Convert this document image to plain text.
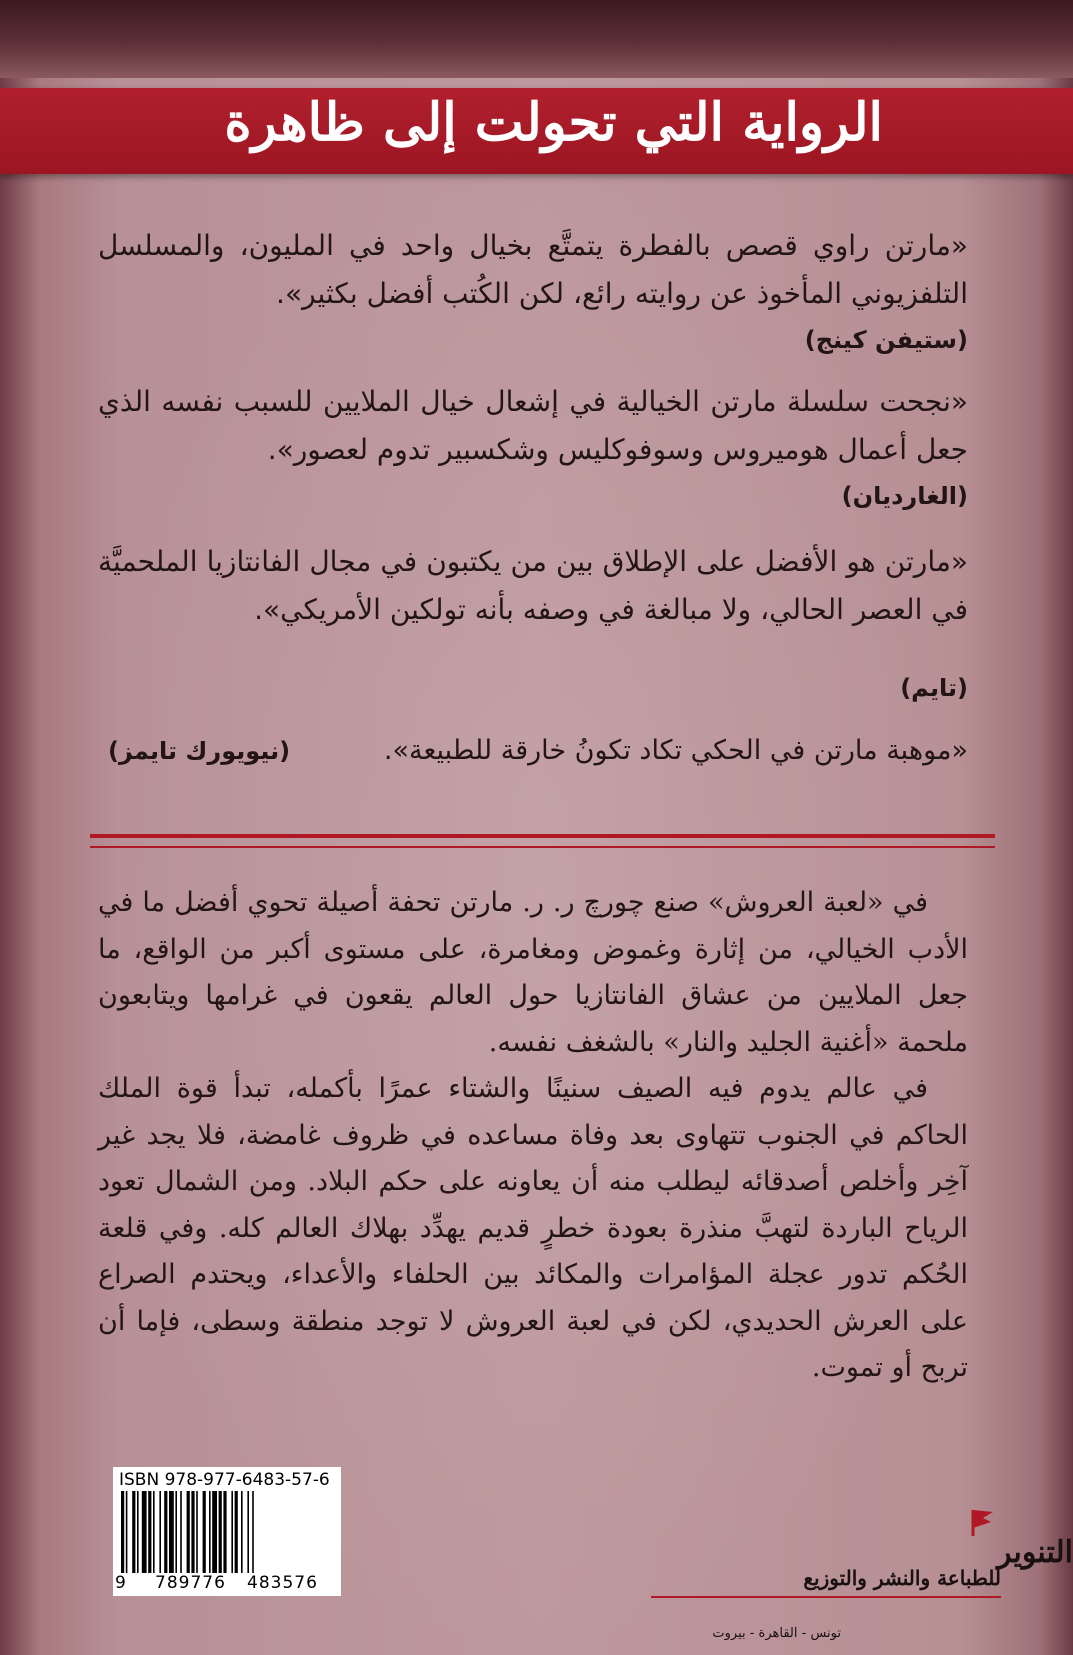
الرواية التي تحولت إلى ظاهرة
«مارتن راوي قصص بالفطرة يتمتَّع بخيال واحد في المليون، والمسلسل التلفزيوني المأخوذ عن روايته رائع، لكن الكُتب أفضل بكثير».
(ستيفن كينج)
«نجحت سلسلة مارتن الخيالية في إشعال خيال الملايين للسبب نفسه الذي جعل أعمال هوميروس وسوفوكليس وشكسبير تدوم لعصور».
(الغارديان)
«مارتن هو الأفضل على الإطلاق بين من يكتبون في مجال الفانتازيا الملحميَّة في العصر الحالي، ولا مبالغة في وصفه بأنه تولكين الأمريكي».
(تايم)
«موهبة مارتن في الحكي تكاد تكونُ خارقة للطبيعة».
(نيويورك تايمز)

في «لعبة العروش» صنع چورچ ر. ر. مارتن تحفة أصيلة تحوي أفضل ما في الأدب الخيالي، من إثارة وغموض ومغامرة، على مستوى أكبر من الواقع، ما جعل الملايين من عشاق الفانتازيا حول العالم يقعون في غرامها ويتابعون ملحمة «أغنية الجليد والنار» بالشغف نفسه.

في عالم يدوم فيه الصيف سنينًا والشتاء عمرًا بأكمله، تبدأ قوة الملك الحاكم في الجنوب تتهاوى بعد وفاة مساعده في ظروف غامضة، فلا يجد غير آخِر وأخلص أصدقائه ليطلب منه أن يعاونه على حكم البلاد. ومن الشمال تعود الرياح الباردة لتهبَّ منذرة بعودة خطرٍ قديم يهدِّد بهلاك العالم كله. وفي قلعة الحُكم تدور عجلة المؤامرات والمكائد بين الحلفاء والأعداء، ويحتدم الصراع على العرش الحديدي، لكن في لعبة العروش لا توجد منطقة وسطى، فإما أن تربح أو تموت.

ISBN 978-977-6483-57-6
9 789776 483576
التنوير
للطباعة والنشر والتوزيع
تونس - القاهرة - بيروت
